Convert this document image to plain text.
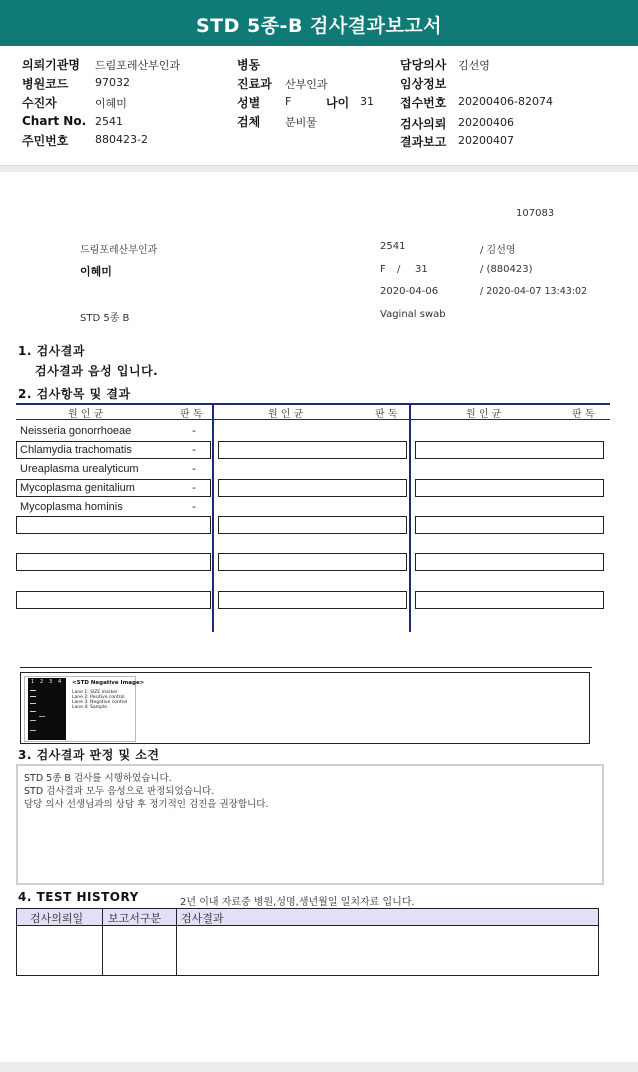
STD 5종-B 검사결과보고서
의뢰기관명 드림포레산부인과
병원코드 97032
수진자	이혜미
Chart No. 2541
주민번호 880423-2
병동
진료과 산부인과
성별 F	나이 31
검체 분비물
담당의사 김선영
임상정보
접수번호 20200406-82074
검사의뢰 20200406
결과보고 20200407
107083
드림포레산부인과	2541	/ 김선영
이혜미	F / 31	/ (880423)
2020-04-06	/ 2020-04-07 13:43:02
STD 5종 B	Vaginal swab
1. 검사결과
검사결과 음성 입니다.
2. 검사항목 및 결과
원 인 균	판 독	원 인 균	판 독	원 인 균	판 독
Neisseria gonorrhoeae	-
Chlamydia trachomatis	-
Ureaplasma urealyticum	-
Mycoplasma genitalium	-
Mycoplasma hominis	-
1 2 3 4 <STD Negative Image>
Lane 1: SIZE marker
Lane 2: Positive control
Lane 3: Negative control
Lane 4: Sample
3. 검사결과 판정 및 소견
STD 5종 B 검사를 시행하였습니다.
STD 검사결과 모두 음성으로 판정되었습니다.
담당 의사 선생님과의 상담 후 정기적인 검진을 권장합니다.
4. TEST HISTORY	2년 이내 자료중 병원,성명,생년월일 일치자료 입니다.
검사의뢰일 보고서구분 검사결과
